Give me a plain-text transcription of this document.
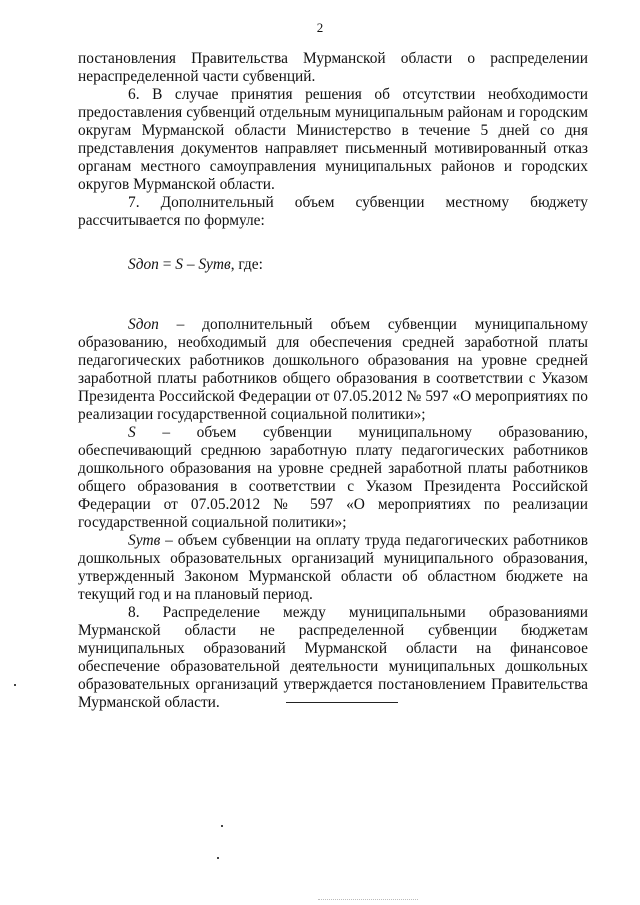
2

постановления Правительства Мурманской области о распределении нераспределенной части субвенций.

6. В случае принятия решения об отсутствии необходимости предоставления субвенций отдельным муниципальным районам и городским округам Мурманской области Министерство в течение 5 дней со дня представления документов направляет письменный мотивированный отказ органам местного самоуправления муниципальных районов и городских округов Мурманской области.

7. Дополнительный объем субвенции местному бюджету рассчитывается по формуле:

Sдоп = S – Syтв, где:

Sдоп – дополнительный объем субвенции муниципальному образованию, необходимый для обеспечения средней заработной платы педагогических работников дошкольного образования на уровне средней заработной платы работников общего образования в соответствии с Указом Президента Российской Федерации от 07.05.2012 № 597 «О мероприятиях по реализации государственной социальной политики»;

S – объем субвенции муниципальному образованию, обеспечивающий среднюю заработную плату педагогических работников дошкольного образования на уровне средней заработной платы работников общего образования в соответствии с Указом Президента Российской Федерации от 07.05.2012 № 597 «О мероприятиях по реализации государственной социальной политики»;

Syтв – объем субвенции на оплату труда педагогических работников дошкольных образовательных организаций муниципального образования, утвержденный Законом Мурманской области об областном бюджете на текущий год и на плановый период.

8. Распределение между муниципальными образованиями Мурманской области не распределенной субвенции бюджетам муниципальных образований Мурманской области на финансовое обеспечение образовательной деятельности муниципальных дошкольных образовательных организаций утверждается постановлением Правительства Мурманской области.
